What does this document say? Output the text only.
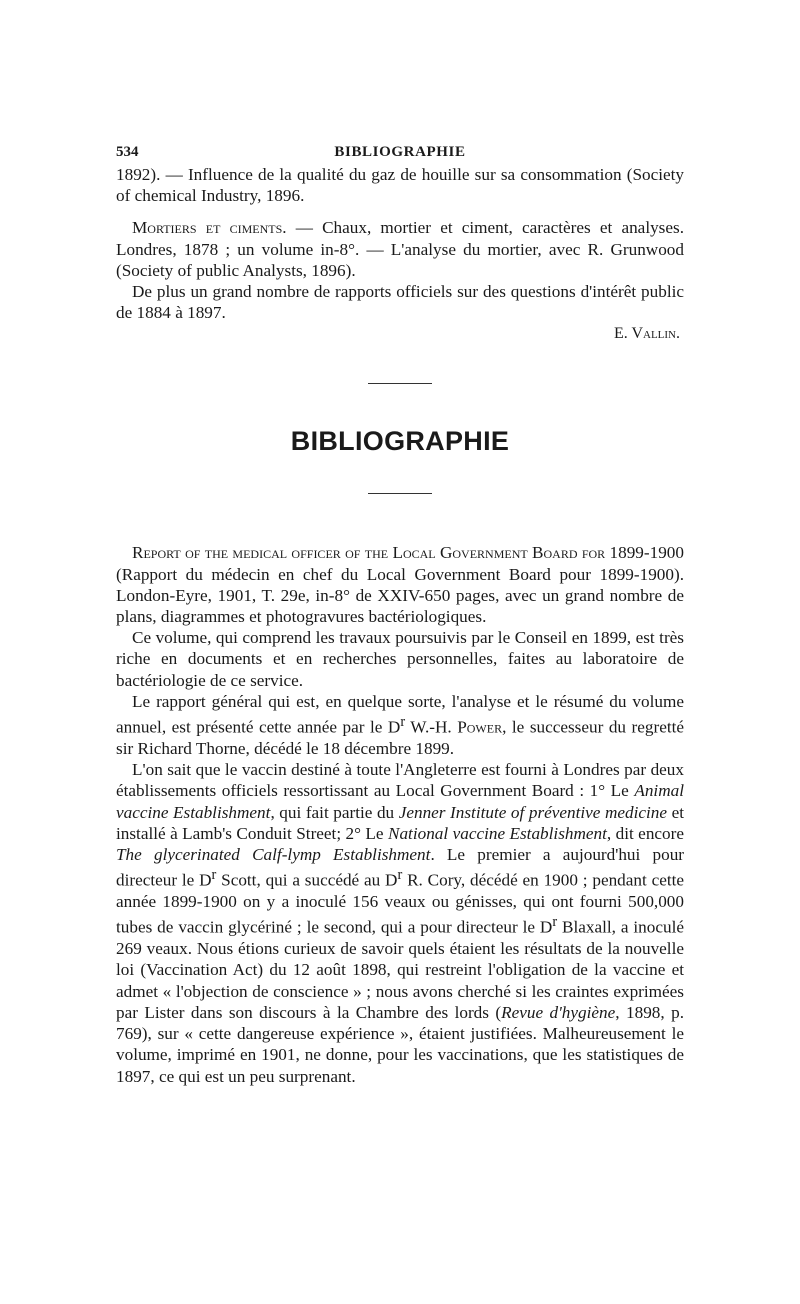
534	BIBLIOGRAPHIE

1892). — Influence de la qualité du gaz de houille sur sa consommation (Society of chemical Industry, 1896.

Mortiers et ciments. — Chaux, mortier et ciment, caractères et analyses. Londres, 1878 ; un volume in-8°. — L'analyse du mortier, avec R. Grunwood (Society of public Analysts, 1896).

De plus un grand nombre de rapports officiels sur des questions d'intérêt public de 1884 à 1897.

E. Vallin.
BIBLIOGRAPHIE

Report of the medical officer of the Local Government Board for 1899-1900 (Rapport du médecin en chef du Local Government Board pour 1899-1900). London-Eyre, 1901, T. 29e, in-8° de XXIV-650 pages, avec un grand nombre de plans, diagrammes et photogravures bactériologiques.

Ce volume, qui comprend les travaux poursuivis par le Conseil en 1899, est très riche en documents et en recherches personnelles, faites au laboratoire de bactériologie de ce service.

Le rapport général qui est, en quelque sorte, l'analyse et le résumé du volume annuel, est présenté cette année par le $D^r$ W.-H. Power, le successeur du regretté sir Richard Thorne, décédé le 18 décembre 1899.

L'on sait que le vaccin destiné à toute l'Angleterre est fourni à Londres par deux établissements officiels ressortissant au Local Government Board : 1° Le Animal vaccine Establishment, qui fait partie du Jenner Institute of préventive medicine et installé à Lamb's Conduit Street; 2° Le National vaccine Establishment, dit encore The glycerinated Calf-lymp Establishment. Le premier a aujourd'hui pour directeur le $D^r$ Scott, qui a succédé au $D^r$ R. Cory, décédé en 1900 ; pendant cette année 1899-1900 on y a inoculé 156 veaux ou génisses, qui ont fourni 500,000 tubes de vaccin glycériné ; le second, qui a pour directeur le $D^r$ Blaxall, a inoculé 269 veaux. Nous étions curieux de savoir quels étaient les résultats de la nouvelle loi (Vaccination Act) du 12 août 1898, qui restreint l'obligation de la vaccine et admet « l'objection de conscience » ; nous avons cherché si les craintes exprimées par Lister dans son discours à la Chambre des lords (Revue d'hygiène, 1898, p. 769), sur « cette dangereuse expérience », étaient justifiées. Malheureusement le volume, imprimé en 1901, ne donne, pour les vaccinations, que les statistiques de 1897, ce qui est un peu surprenant.
